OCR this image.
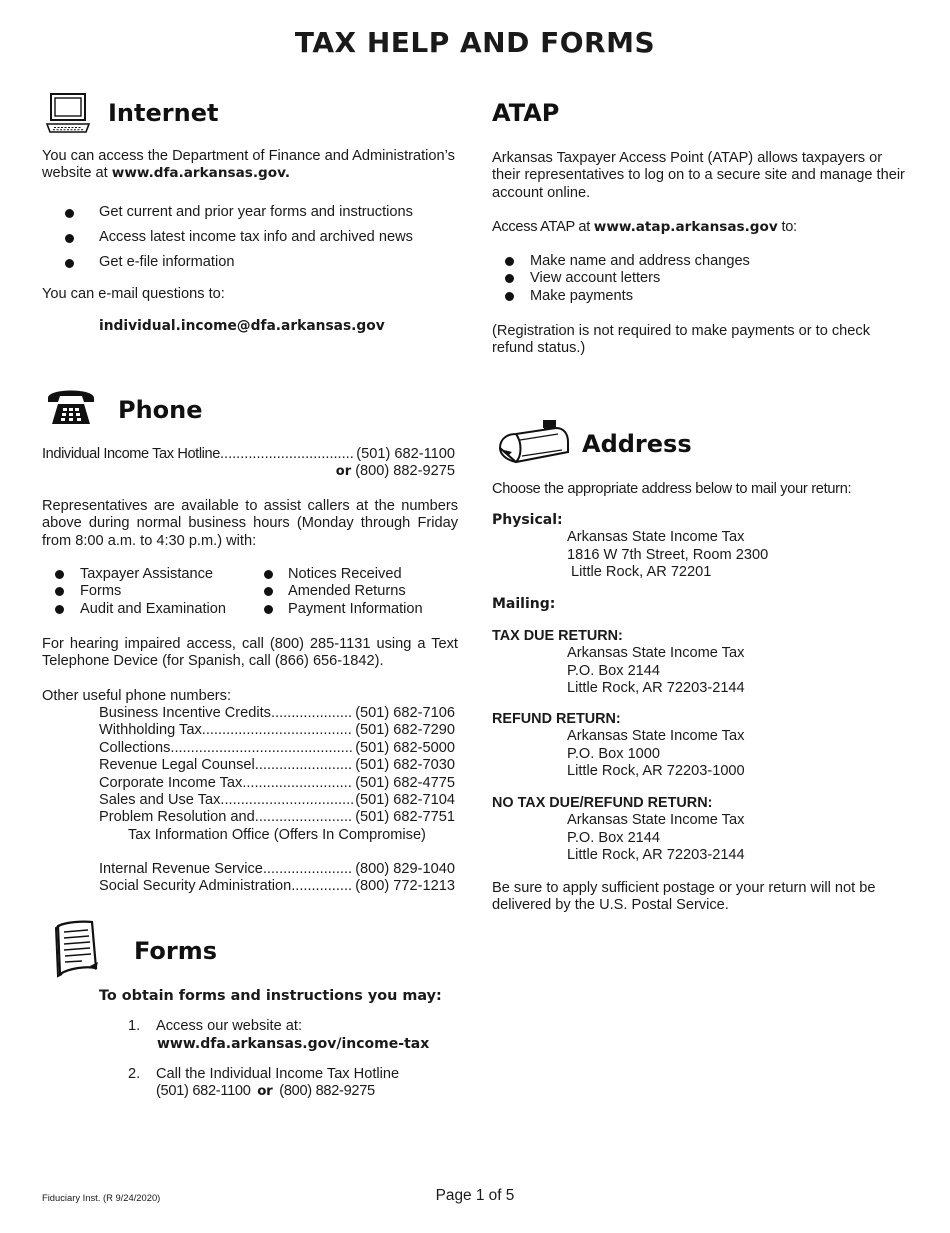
TAX HELP AND FORMS
Internet

You can access the Department of Finance and Administration’s website at www.dfa.arkansas.gov.

Get current and prior year forms and instructions
Access latest income tax info and archived news
Get e-file information

You can e-mail questions to:

individual.income@dfa.arkansas.gov

Phone
Individual Income Tax Hotline .....	(501) 682-1100
or (800) 882-9275

Representatives are available to assist callers at the numbers above during normal business hours (Monday through Friday from 8:00 a.m. to 4:30 p.m.) with:

Taxpayer Assistance
Forms
Audit and Examination
Notices Received
Amended Returns
Payment Information

For hearing impaired access, call (800) 285-1131 using a Text Telephone Device (for Spanish, call (866) 656-1842).

Other useful phone numbers:

Business Incentive Credits .....	(501) 682-7106
Withholding Tax .....	(501) 682-7290
Collections .....	(501) 682-5000
Revenue Legal Counsel .....	(501) 682-7030
Corporate Income Tax .....	(501) 682-4775
Sales and Use Tax .....	(501) 682-7104
Problem Resolution and .....	(501) 682-7751
Tax Information Office (Offers In Compromise)
Internal Revenue Service .....	(800) 829-1040
Social Security Administration .....	(800) 772-1213
Forms

To obtain forms and instructions you may:

1. Access our website at:
www.dfa.arkansas.gov/income-tax
2. Call the Individual Income Tax Hotline
(501) 682-1100 or (800) 882-9275
ATAP

Arkansas Taxpayer Access Point (ATAP) allows taxpayers or their representatives to log on to a secure site and manage their account online.

Access ATAP at www.atap.arkansas.gov to:

Make name and address changes
View account letters
Make payments

(Registration is not required to make payments or to check refund status.)

Address

Choose the appropriate address below to mail your return:

Physical:
Arkansas State Income Tax
1816 W 7th Street, Room 2300
Little Rock, AR 72201
Mailing:
TAX DUE RETURN:
Arkansas State Income Tax
P.O. Box 2144
Little Rock, AR 72203-2144
REFUND RETURN:
Arkansas State Income Tax
P.O. Box 1000
Little Rock, AR 72203-1000
NO TAX DUE/REFUND RETURN:
Arkansas State Income Tax
P.O. Box 2144
Little Rock, AR 72203-2144

Be sure to apply sufficient postage or your return will not be delivered by the U.S. Postal Service.

Fiduciary Inst. (R 9/24/2020)	Page 1 of 5
